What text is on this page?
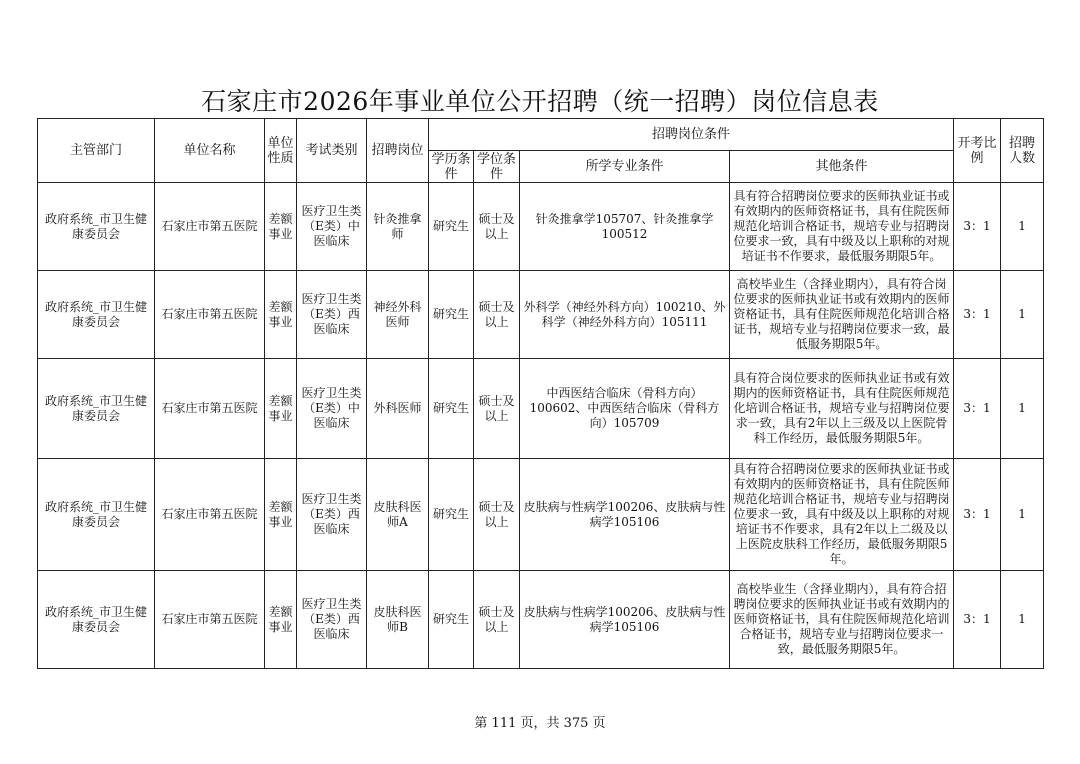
石家庄市2026年事业单位公开招聘（统一招聘）岗位信息表
主管部门	单位名称	单位性质	考试类别	招聘岗位	招聘岗位条件				开考比例	招聘人数
					学历条件	学位条件	所学专业条件	其他条件		
政府系统_市卫生健康委员会	石家庄市第五医院	差额事业	医疗卫生类（E类）中医临床	针灸推拿师	研究生	硕士及以上	针灸推拿学105707、针灸推拿学100512	具有符合招聘岗位要求的医师执业证书或有效期内的医师资格证书，具有住院医师规范化培训合格证书，规培专业与招聘岗位要求一致，具有中级及以上职称的对规培证书不作要求，最低服务期限5年。	3：1	1
政府系统_市卫生健康委员会	石家庄市第五医院	差额事业	医疗卫生类（E类）西医临床	神经外科医师	研究生	硕士及以上	外科学（神经外科方向）100210、外科学（神经外科方向）105111	高校毕业生（含择业期内），具有符合岗位要求的医师执业证书或有效期内的医师资格证书，具有住院医师规范化培训合格证书，规培专业与招聘岗位要求一致，最低服务期限5年。	3：1	1
政府系统_市卫生健康委员会	石家庄市第五医院	差额事业	医疗卫生类（E类）中医临床	外科医师	研究生	硕士及以上	中西医结合临床（骨科方向）100602、中西医结合临床（骨科方向）105709	具有符合岗位要求的医师执业证书或有效期内的医师资格证书，具有住院医师规范化培训合格证书，规培专业与招聘岗位要求一致，具有2年以上三级及以上医院骨科工作经历，最低服务期限5年。	3：1	1
政府系统_市卫生健康委员会	石家庄市第五医院	差额事业	医疗卫生类（E类）西医临床	皮肤科医师A	研究生	硕士及以上	皮肤病与性病学100206、皮肤病与性病学105106	具有符合招聘岗位要求的医师执业证书或有效期内的医师资格证书，具有住院医师规范化培训合格证书，规培专业与招聘岗位要求一致，具有中级及以上职称的对规培证书不作要求，具有2年以上二级及以上医院皮肤科工作经历，最低服务期限5年。	3：1	1
政府系统_市卫生健康委员会	石家庄市第五医院	差额事业	医疗卫生类（E类）西医临床	皮肤科医师B	研究生	硕士及以上	皮肤病与性病学100206、皮肤病与性病学105106	高校毕业生（含择业期内），具有符合招聘岗位要求的医师执业证书或有效期内的医师资格证书，具有住院医师规范化培训合格证书，规培专业与招聘岗位要求一致，最低服务期限5年。	3：1	1
第 111 页，共 375 页
